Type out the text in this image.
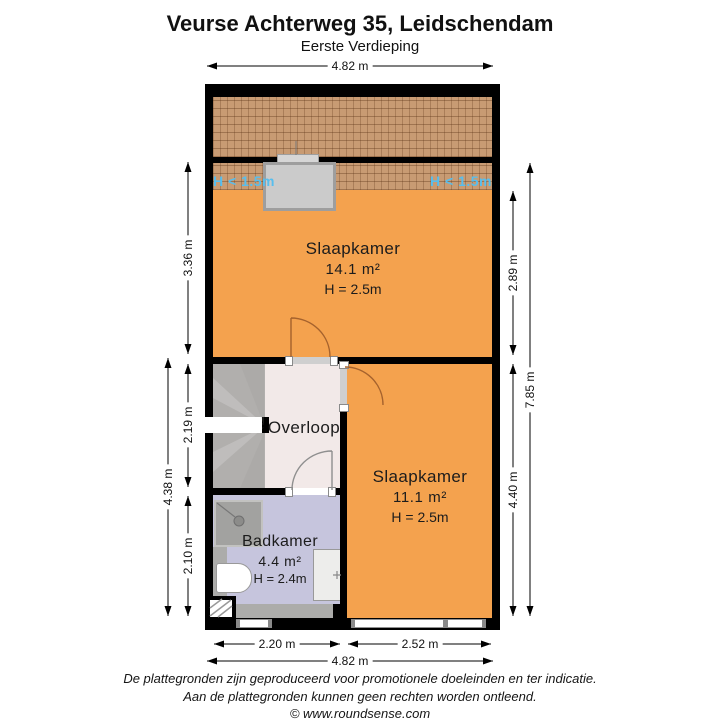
Veurse Achterweg 35, Leidschendam
Eerste Verdieping
H < 1.5m	H < 1.5m
Slaapkamer
14.1 m²
H = 2.5m
Slaapkamer
11.1 m²
H = 2.5m
Badkamer
4.4 m²
H = 2.4m
Overloop
4.82 m
3.36 m
2.19 m
2.10 m
4.38 m
2.89 m
4.40 m
7.85 m
2.20 m	2.52 m
4.82 m
De plattegronden zijn geproduceerd voor promotionele doeleinden en ter indicatie.
Aan de plattegronden kunnen geen rechten worden ontleend.
© www.roundsense.com
